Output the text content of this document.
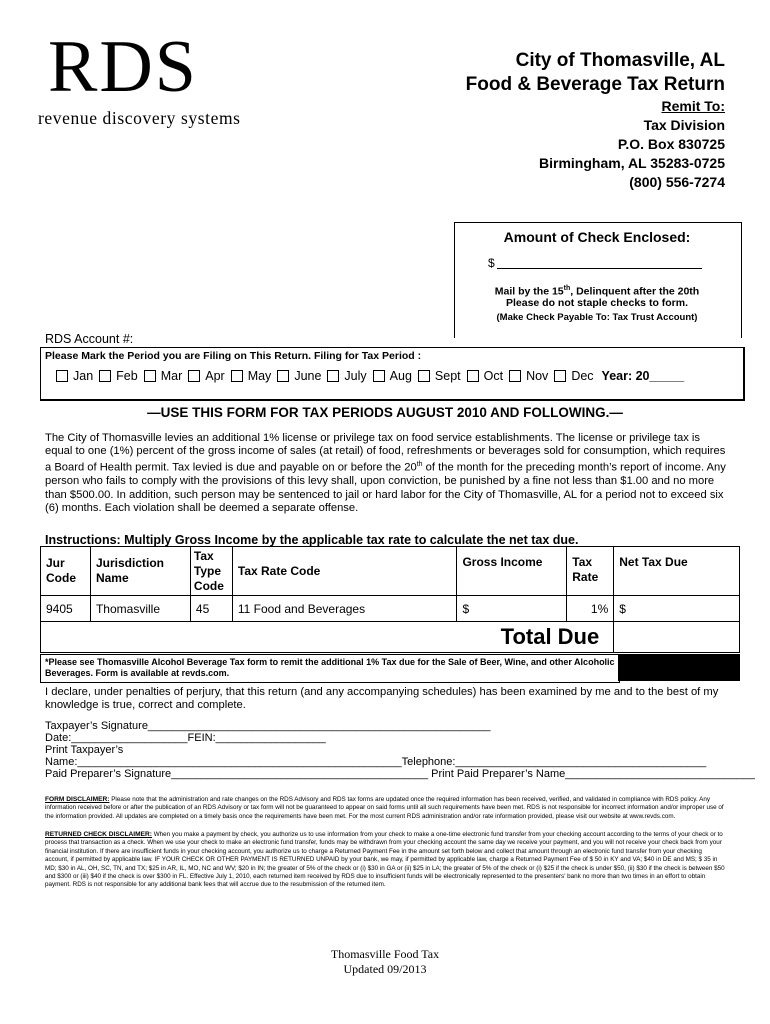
RDS
revenue discovery systems
City of Thomasville, AL
Food & Beverage Tax Return
Remit To:
Tax Division
P.O. Box 830725
Birmingham, AL 35283-0725
(800) 556-7274
Amount of Check Enclosed:
$
Mail by the 15th, Delinquent after the 20th
Please do not staple checks to form.
(Make Check Payable To: Tax Trust Account)
RDS Account #:
Please Mark the Period you are Filing on This Return. Filing for Tax Period :
Jan Feb Mar Apr May June July Aug Sept Oct Nov Dec Year: 20_____
—USE THIS FORM FOR TAX PERIODS AUGUST 2010 AND FOLLOWING.—
The City of Thomasville levies an additional 1% license or privilege tax on food service establishments. The license or privilege tax is equal to one (1%) percent of the gross income of sales (at retail) of food, refreshments or beverages sold for consumption, which requires a Board of Health permit. Tax levied is due and payable on or before the 20th of the month for the preceding month’s report of income. Any person who fails to comply with the provisions of this levy shall, upon conviction, be punished by a fine not less than $1.00 and no more than $500.00. In addition, such person may be sentenced to jail or hard labor for the City of Thomasville, AL for a period not to exceed six (6) months. Each violation shall be deemed a separate offense.
Instructions: Multiply Gross Income by the applicable tax rate to calculate the net tax due.
Jur Code	Jurisdiction Name	Tax Type Code	Tax Rate Code	Gross Income	Tax Rate	Net Tax Due
9405	Thomasville	45	11 Food and Beverages	$	1%	$
Total Due						
*Please see Thomasville Alcohol Beverage Tax form to remit the additional 1% Tax due for the Sale of Beer, Wine, and other Alcoholic Beverages. Form is available at revds.com.
I declare, under penalties of perjury, that this return (and any accompanying schedules) has been examined by me and to the best of my knowledge is true, correct and complete.
Taxpayer’s Signature________________________________________________________ Date:___________________FEIN:__________________
Print Taxpayer’s Name:_____________________________________________________Telephone:_________________________________________
Paid Preparer’s Signature__________________________________________ Print Paid Preparer’s Name_______________________________
FORM DISCLAIMER: Please note that the administration and rate changes on the RDS Advisory and RDS tax forms are updated once the required information has been received, verified, and validated in compliance with RDS policy. Any information received before or after the publication of an RDS Advisory or tax form will not be guaranteed to appear on said forms until all such requirements have been met. RDS is not responsible for incorrect information and/or improper use of the information provided. All updates are completed on a timely basis once the requirements have been met. For the most current RDS administration and/or rate information provided, please visit our website at www.revds.com.
RETURNED CHECK DISCLAIMER: When you make a payment by check, you authorize us to use information from your check to make a one-time electronic fund transfer from your checking account according to the terms of your check or to process that transaction as a check. When we use your check to make an electronic fund transfer, funds may be withdrawn from your checking account the same day we receive your payment, and you will not receive your check back from your financial institution. If there are insufficient funds in your checking account, you authorize us to charge a Returned Payment Fee in the amount set forth below and collect that amount through an electronic fund transfer from your checking account, if permitted by applicable law. IF YOUR CHECK OR OTHER PAYMENT IS RETURNED UNPAID by your bank, we may, if permitted by applicable law, charge a Returned Payment Fee of $ 50 in KY and VA; $40 in DE and MS; $ 35 in MD; $30 in AL, OH, SC, TN, and TX; $25 in AR, IL, MO, NC and WV; $20 in IN; the greater of 5% of the check or (i) $30 in GA or (ii) $25 in LA; the greater of 5% of the check or (i) $25 if the check is under $50, (ii) $30 if the check is between $50 and $300 or (iii) $40 if the check is over $300 in FL. Effective July 1, 2010, each returned item received by RDS due to insufficient funds will be electronically represented to the presenters' bank no more than two times in an effort to obtain payment. RDS is not responsible for any additional bank fees that will accrue due to the resubmission of the returned item.
Thomasville Food Tax
Updated 09/2013
